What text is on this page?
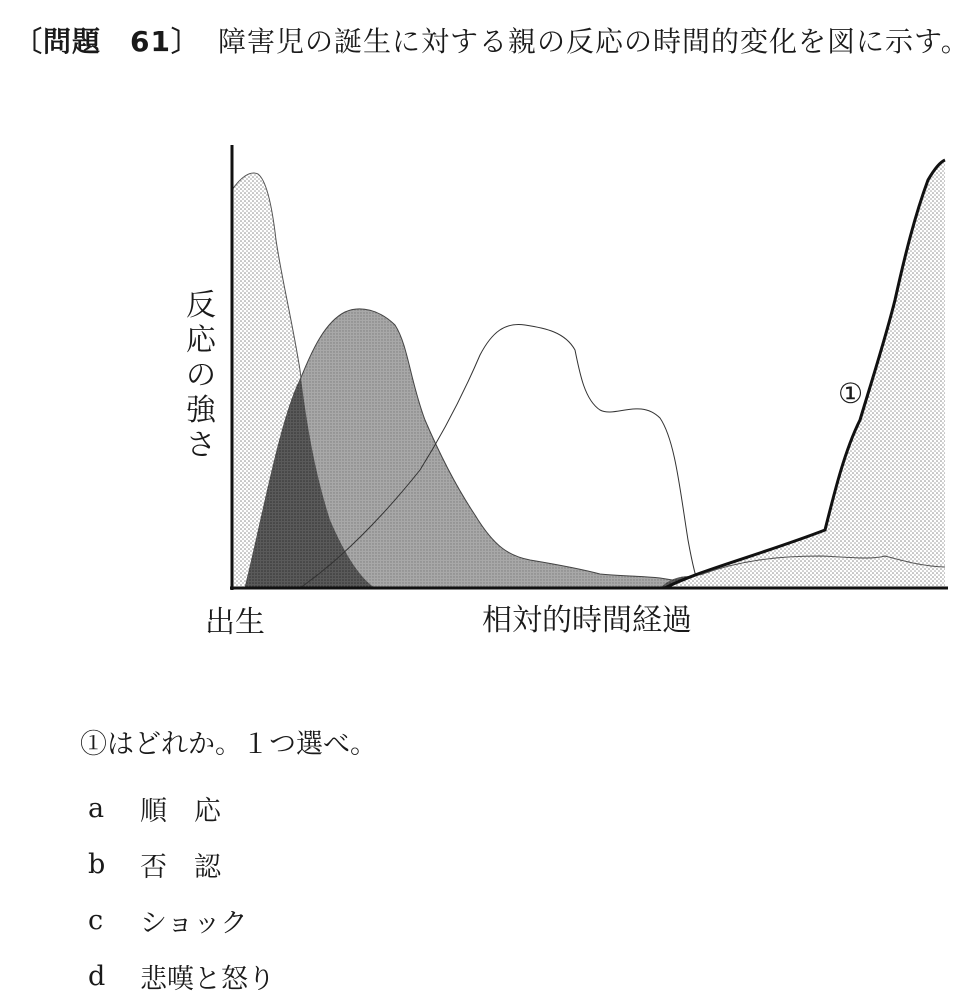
〔問題　61〕 障害児の誕生に対する親の反応の時間的変化を図に示す。
反
応
の
強
さ
①
出生	相対的時間経過
①はどれか。１つ選べ。
a	順　応
b	否　認
c	ショック
d	悲嘆と怒り
